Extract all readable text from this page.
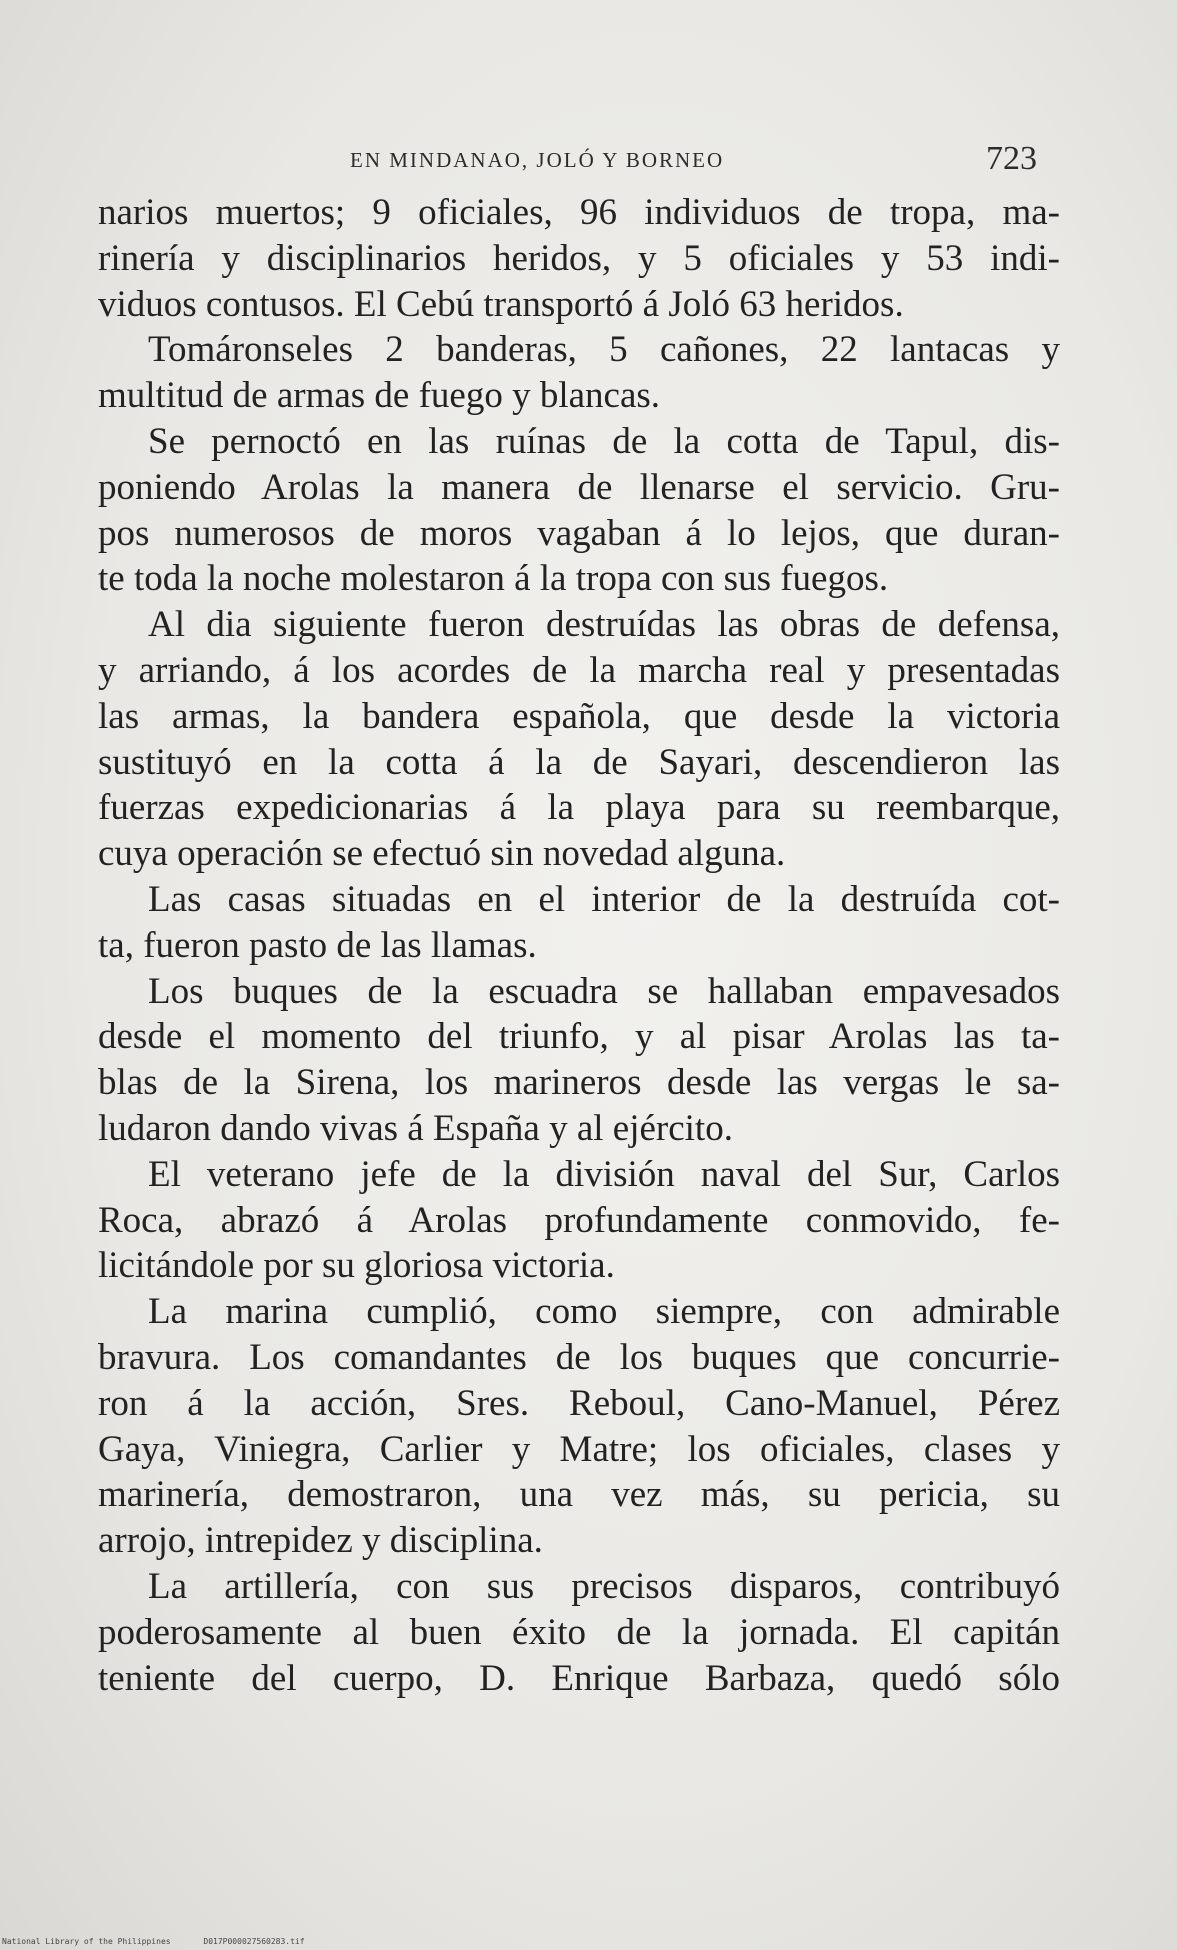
EN MINDANAO, JOLÓ Y BORNEO	723
narios muertos; 9 oficiales, 96 individuos de tropa, ma-
rinería y disciplinarios heridos, y 5 oficiales y 53 indi-
viduos contusos. El Cebú transportó á Joló 63 heridos.
Tomáronseles 2 banderas, 5 cañones, 22 lantacas y
multitud de armas de fuego y blancas.
Se pernoctó en las ruínas de la cotta de Tapul, dis-
poniendo Arolas la manera de llenarse el servicio. Gru-
pos numerosos de moros vagaban á lo lejos, que duran-
te toda la noche molestaron á la tropa con sus fuegos.
Al dia siguiente fueron destruídas las obras de defensa,
y arriando, á los acordes de la marcha real y presentadas
las armas, la bandera española, que desde la victoria
sustituyó en la cotta á la de Sayari, descendieron las
fuerzas expedicionarias á la playa para su reembarque,
cuya operación se efectuó sin novedad alguna.
Las casas situadas en el interior de la destruída cot-
ta, fueron pasto de las llamas.
Los buques de la escuadra se hallaban empavesados
desde el momento del triunfo, y al pisar Arolas las ta-
blas de la Sirena, los marineros desde las vergas le sa-
ludaron dando vivas á España y al ejército.
El veterano jefe de la división naval del Sur, Carlos
Roca, abrazó á Arolas profundamente conmovido, fe-
licitándole por su gloriosa victoria.
La marina cumplió, como siempre, con admirable
bravura. Los comandantes de los buques que concurrie-
ron á la acción, Sres. Reboul, Cano-Manuel, Pérez
Gaya, Viniegra, Carlier y Matre; los oficiales, clases y
marinería, demostraron, una vez más, su pericia, su
arrojo, intrepidez y disciplina.
La artillería, con sus precisos disparos, contribuyó
poderosamente al buen éxito de la jornada. El capitán
teniente del cuerpo, D. Enrique Barbaza, quedó sólo
National Library of the Philippines	D017P000027560283.tif
